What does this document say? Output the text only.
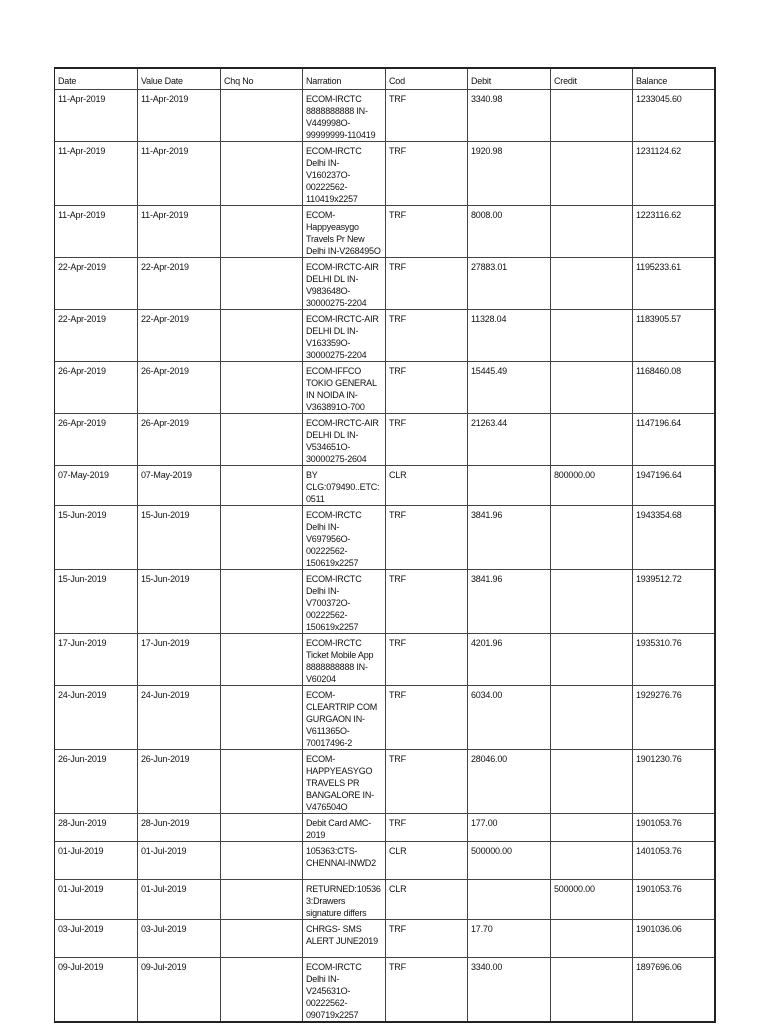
Date	Value Date	Chq No	Narration	Cod	Debit	Credit	Balance
11-Apr-2019	11-Apr-2019		ECOM-IRCTC 8888888888 IN-V449998O-99999999-110419	TRF	3340.98		1233045.60
11-Apr-2019	11-Apr-2019		ECOM-IRCTC Delhi IN-V160237O-00222562-110419x2257	TRF	1920.98		1231124.62
11-Apr-2019	11-Apr-2019		ECOM-Happyeasygo Travels Pr New Delhi IN-V268495O	TRF	8008.00		1223116.62
22-Apr-2019	22-Apr-2019		ECOM-IRCTC-AIR DELHI DL IN-V983648O-30000275-2204	TRF	27883.01		1195233.61
22-Apr-2019	22-Apr-2019		ECOM-IRCTC-AIR DELHI DL IN-V163359O-30000275-2204	TRF	11328.04		1183905.57
26-Apr-2019	26-Apr-2019		ECOM-IFFCO TOKIO GENERAL IN NOIDA IN-V363891O-700	TRF	15445.49		1168460.08
26-Apr-2019	26-Apr-2019		ECOM-IRCTC-AIR DELHI DL IN-V534651O-30000275-2604	TRF	21263.44		1147196.64
07-May-2019	07-May-2019		BY CLG:079490..ETC:0511	CLR		800000.00	1947196.64
15-Jun-2019	15-Jun-2019		ECOM-IRCTC Delhi IN-V697956O-00222562-150619x2257	TRF	3841.96		1943354.68
15-Jun-2019	15-Jun-2019		ECOM-IRCTC Delhi IN-V700372O-00222562-150619x2257	TRF	3841.96		1939512.72
17-Jun-2019	17-Jun-2019		ECOM-IRCTC Ticket Mobile App 8888888888 IN-V60204	TRF	4201.96		1935310.76
24-Jun-2019	24-Jun-2019		ECOM-CLEARTRIP COM GURGAON IN-V611365O-70017496-2	TRF	6034.00		1929276.76
26-Jun-2019	26-Jun-2019		ECOM-HAPPYEASYGO TRAVELS PR BANGALORE IN-V476504O	TRF	28046.00		1901230.76
28-Jun-2019	28-Jun-2019		Debit Card AMC-2019	TRF	177.00		1901053.76
01-Jul-2019	01-Jul-2019		105363:CTS-CHENNAI-INWD2	CLR	500000.00		1401053.76
01-Jul-2019	01-Jul-2019		RETURNED:105363:Drawers signature differs	CLR		500000.00	1901053.76
03-Jul-2019	03-Jul-2019		CHRGS- SMS ALERT JUNE2019	TRF	17.70		1901036.06
09-Jul-2019	09-Jul-2019		ECOM-IRCTC Delhi IN-V245631O-00222562-090719x2257	TRF	3340.00		1897696.06
